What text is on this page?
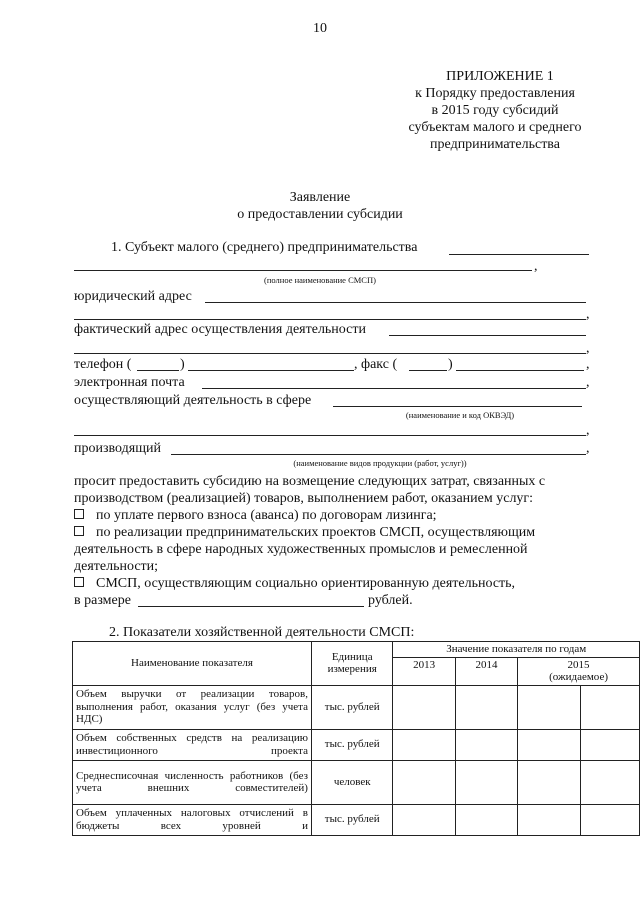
10
ПРИЛОЖЕНИЕ 1
к Порядку предоставления
в 2015 году субсидий
субъектам малого и среднего
предпринимательства
Заявление
о предоставлении субсидии
1. Субъект малого (среднего) предпринимательства
,
(полное наименование СМСП)
юридический адрес
,
фактический адрес осуществления деятельности
,
телефон (	)	, факс (	)	,
электронная почта	,
осуществляющий деятельность в сфере
(наименование и код ОКВЭД)
,
производящий	,
(наименование видов продукции (работ, услуг))
просит предоставить субсидию на возмещение следующих затрат, связанных с
производством (реализацией) товаров, выполнением работ, оказанием услуг:
по уплате первого взноса (аванса) по договорам лизинга;
по реализации предпринимательских проектов СМСП, осуществляющим
деятельность в сфере народных художественных промыслов и ремесленной
деятельности;
СМСП, осуществляющим социально ориентированную деятельность,
в размере	рублей.
2. Показатели хозяйственной деятельности СМСП:
Наименование показателя	Единица измерения	Значение показателя по годам			
		2013	2014	2015
(ожидаемое)	
Объем выручки от реализации товаров, выполнения работ, оказания услуг (без учета НДС)	тыс. рублей				
Объем собственных средств на реализацию инвестиционного проекта	тыс. рублей				
Среднесписочная численность работников (без учета внешних совместителей)	человек				
Объем уплаченных налоговых отчислений в бюджеты всех уровней и	тыс. рублей				
